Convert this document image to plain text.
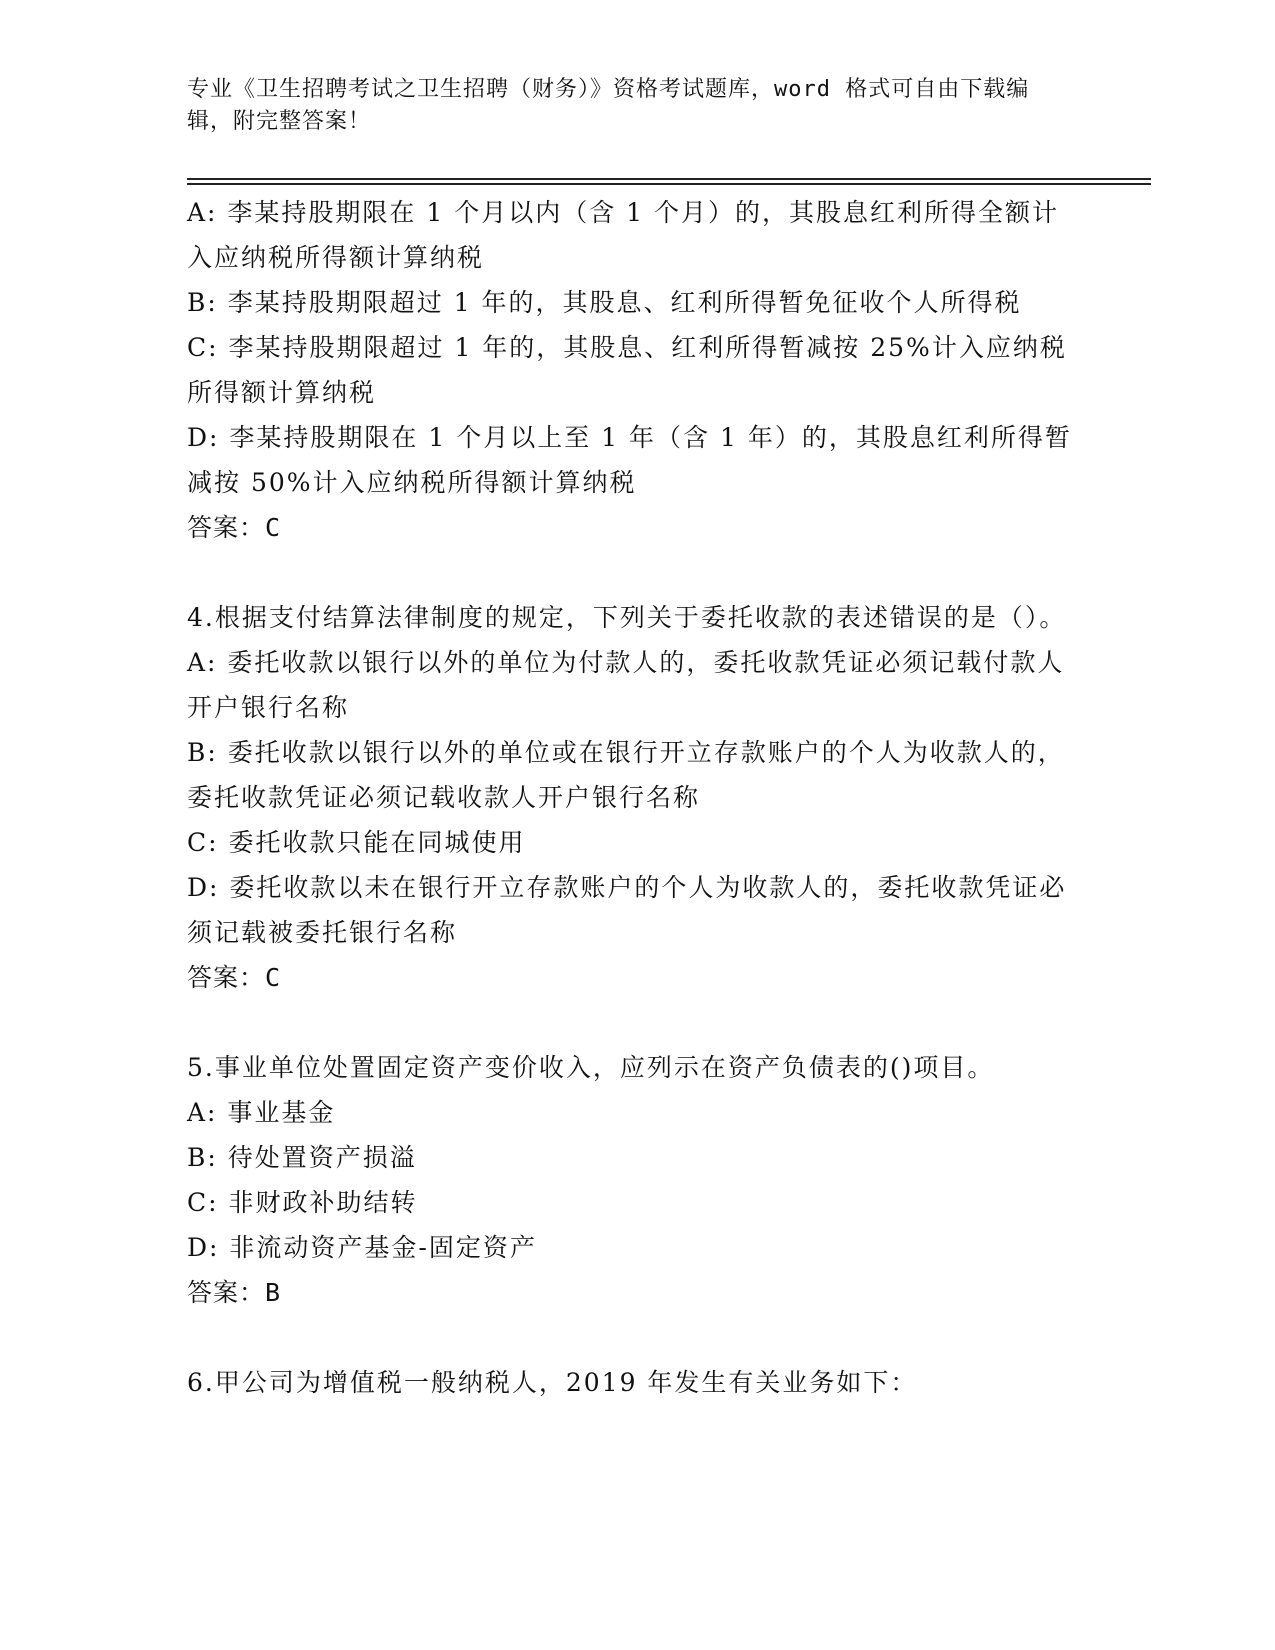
专业《卫生招聘考试之卫生招聘（财务）》资格考试题库，word 格式可自由下载编辑，附完整答案！

A: 李某持股期限在 1 个月以内（含 1 个月）的，其股息红利所得全额计入应纳税所得额计算纳税

B: 李某持股期限超过 1 年的，其股息、红利所得暂免征收个人所得税

C: 李某持股期限超过 1 年的，其股息、红利所得暂减按 25%计入应纳税所得额计算纳税

D: 李某持股期限在 1 个月以上至 1 年（含 1 年）的，其股息红利所得暂减按 50%计入应纳税所得额计算纳税

答案：C

4.根据支付结算法律制度的规定，下列关于委托收款的表述错误的是（）。

A: 委托收款以银行以外的单位为付款人的，委托收款凭证必须记载付款人开户银行名称

B: 委托收款以银行以外的单位或在银行开立存款账户的个人为收款人的，委托收款凭证必须记载收款人开户银行名称

C: 委托收款只能在同城使用

D: 委托收款以未在银行开立存款账户的个人为收款人的，委托收款凭证必须记载被委托银行名称

答案：C

5.事业单位处置固定资产变价收入，应列示在资产负债表的()项目。

A: 事业基金

B: 待处置资产损溢

C: 非财政补助结转

D: 非流动资产基金-固定资产

答案：B

6.甲公司为增值税一般纳税人，2019 年发生有关业务如下：
